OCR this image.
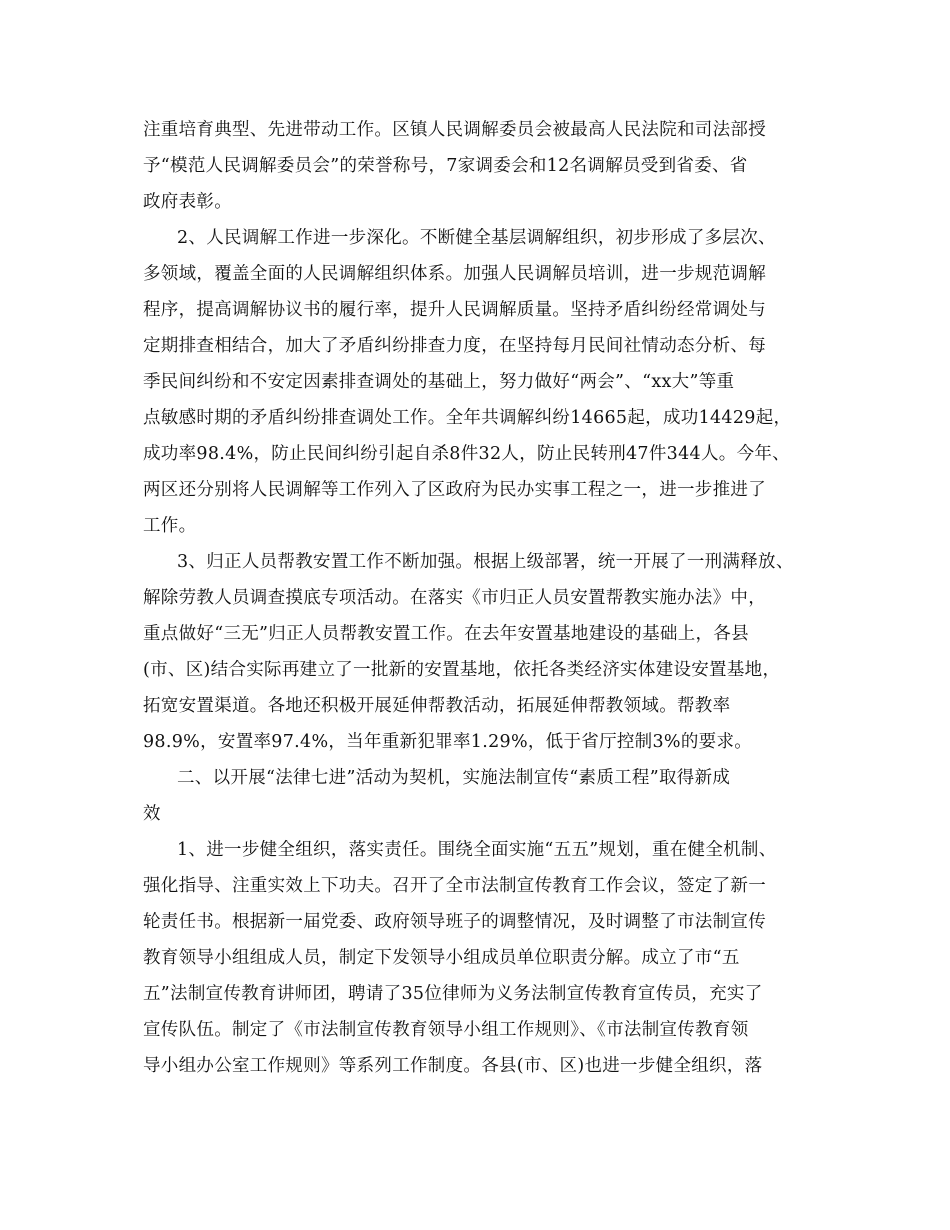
注重培育典型、先进带动工作。区镇人民调解委员会被最高人民法院和司法部授
予“模范人民调解委员会”的荣誉称号，7家调委会和12名调解员受到省委、省
政府表彰。
2、人民调解工作进一步深化。不断健全基层调解组织，初步形成了多层次、
多领域，覆盖全面的人民调解组织体系。加强人民调解员培训，进一步规范调解
程序，提高调解协议书的履行率，提升人民调解质量。坚持矛盾纠纷经常调处与
定期排查相结合，加大了矛盾纠纷排查力度，在坚持每月民间社情动态分析、每
季民间纠纷和不安定因素排查调处的基础上，努力做好“两会”、“xx大”等重
点敏感时期的矛盾纠纷排查调处工作。全年共调解纠纷14665起，成功14429起，
成功率98.4%，防止民间纠纷引起自杀8件32人，防止民转刑47件344人。今年、
两区还分别将人民调解等工作列入了区政府为民办实事工程之一，进一步推进了
工作。
3、归正人员帮教安置工作不断加强。根据上级部署，统一开展了一刑满释放、
解除劳教人员调查摸底专项活动。在落实《市归正人员安置帮教实施办法》中，
重点做好“三无”归正人员帮教安置工作。在去年安置基地建设的基础上，各县
(市、区)结合实际再建立了一批新的安置基地，依托各类经济实体建设安置基地，
拓宽安置渠道。各地还积极开展延伸帮教活动，拓展延伸帮教领域。帮教率
98.9%，安置率97.4%，当年重新犯罪率1.29%，低于省厅控制3%的要求。
二、以开展“法律七进”活动为契机，实施法制宣传“素质工程”取得新成
效
1、进一步健全组织，落实责任。围绕全面实施“五五”规划，重在健全机制、
强化指导、注重实效上下功夫。召开了全市法制宣传教育工作会议，签定了新一
轮责任书。根据新一届党委、政府领导班子的调整情况，及时调整了市法制宣传
教育领导小组组成人员，制定下发领导小组成员单位职责分解。成立了市“五
五”法制宣传教育讲师团，聘请了35位律师为义务法制宣传教育宣传员，充实了
宣传队伍。制定了《市法制宣传教育领导小组工作规则》、《市法制宣传教育领
导小组办公室工作规则》等系列工作制度。各县(市、区)也进一步健全组织，落
